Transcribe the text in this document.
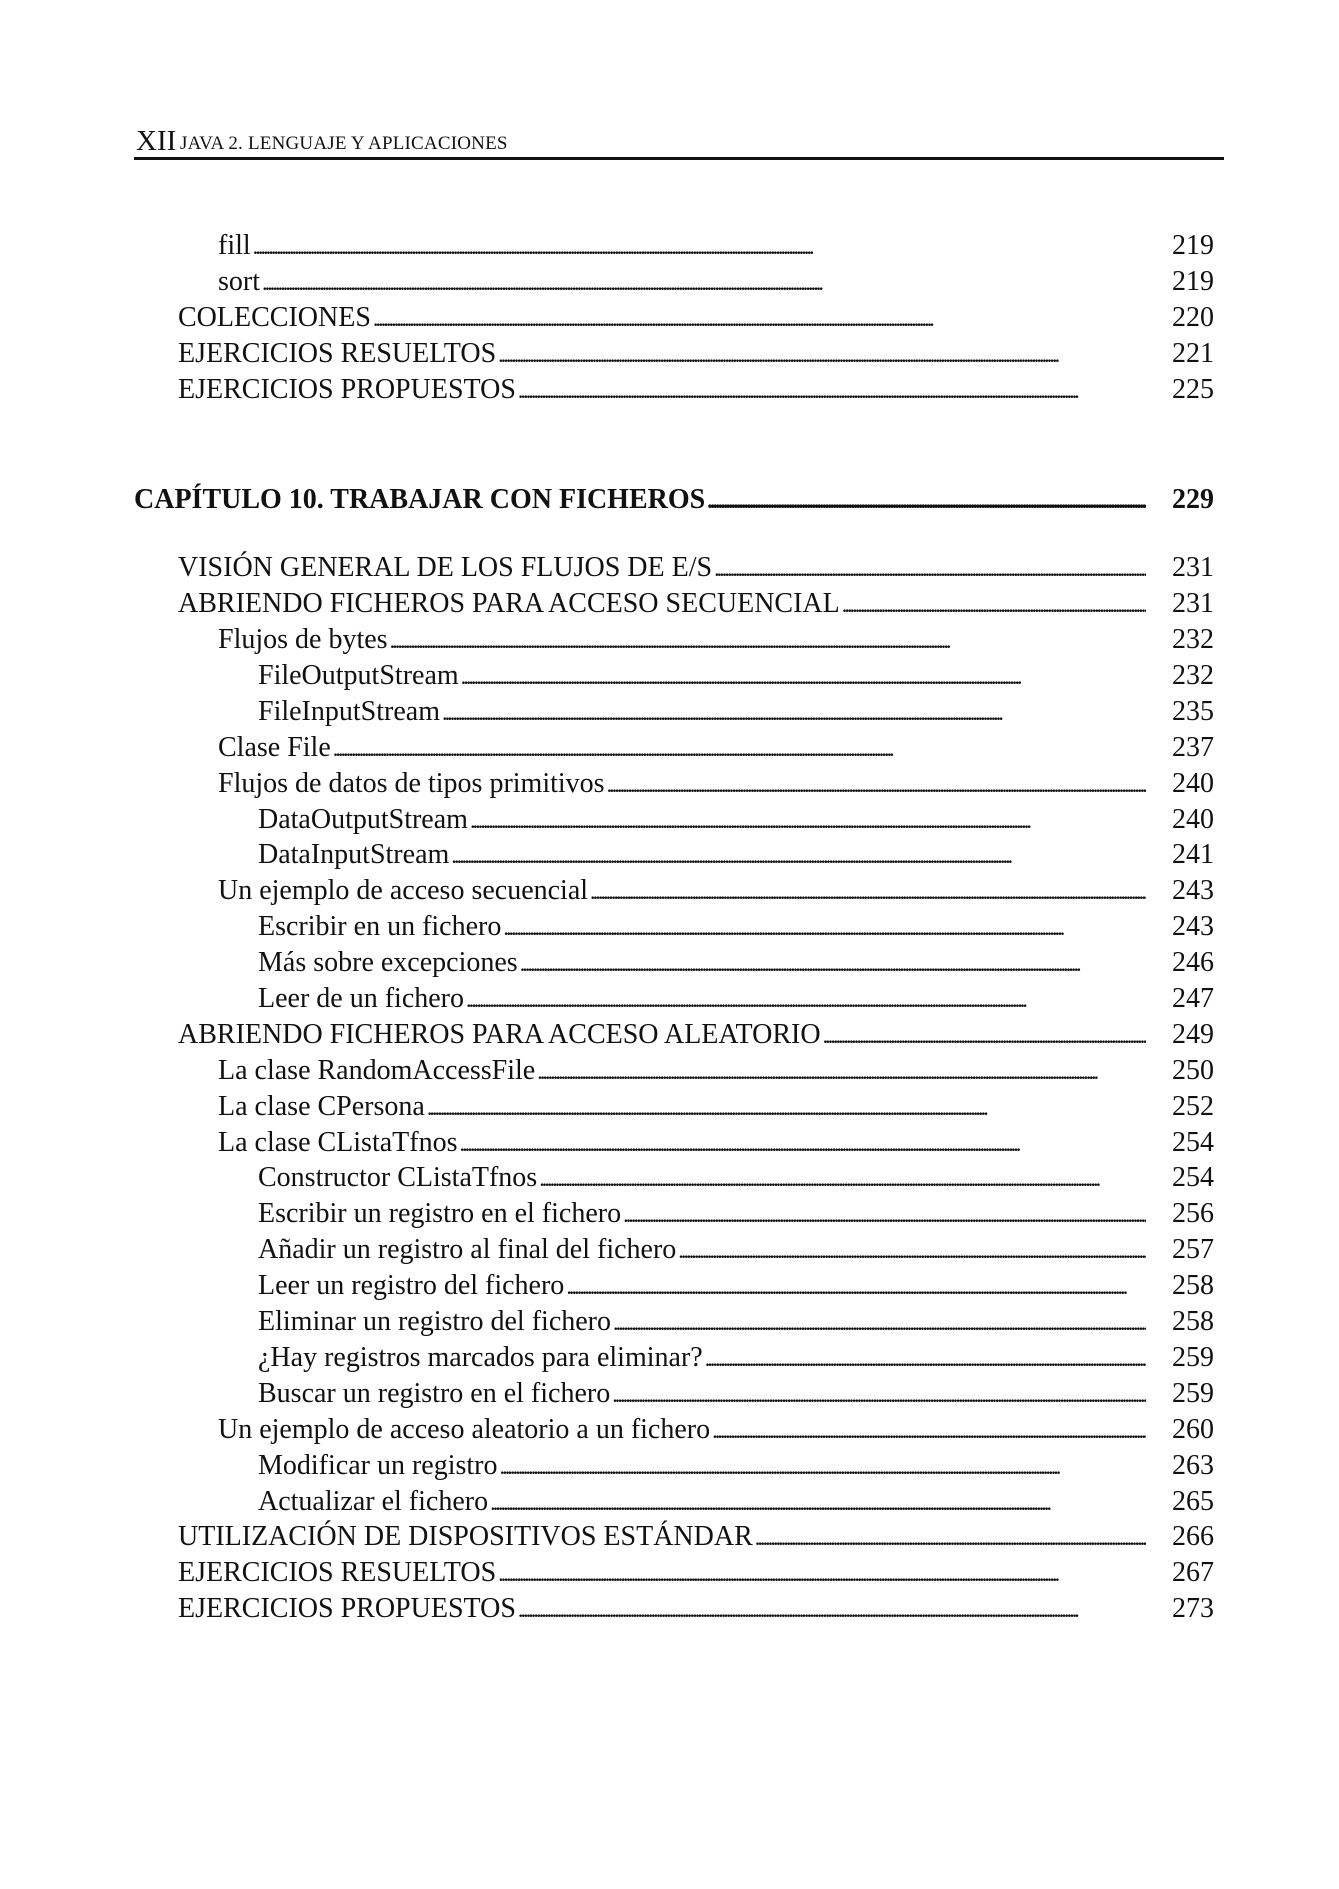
XII JAVA 2. LENGUAJE Y APLICACIONES
fill . . .	219
sort . . .	219
COLECCIONES . . .	220
EJERCICIOS RESUELTOS . . .	221
EJERCICIOS PROPUESTOS . . .	225
CAPÍTULO 10. TRABAJAR CON FICHEROS . . .	229
VISIÓN GENERAL DE LOS FLUJOS DE E/S . . .	231
ABRIENDO FICHEROS PARA ACCESO SECUENCIAL . . .	231
Flujos de bytes . . .	232
FileOutputStream . . .	232
FileInputStream . . .	235
Clase File . . .	237
Flujos de datos de tipos primitivos . . .	240
DataOutputStream . . .	240
DataInputStream . . .	241
Un ejemplo de acceso secuencial . . .	243
Escribir en un fichero . . .	243
Más sobre excepciones . . .	246
Leer de un fichero . . .	247
ABRIENDO FICHEROS PARA ACCESO ALEATORIO . . .	249
La clase RandomAccessFile . . .	250
La clase CPersona . . .	252
La clase CListaTfnos . . .	254
Constructor CListaTfnos . . .	254
Escribir un registro en el fichero . . .	256
Añadir un registro al final del fichero . . .	257
Leer un registro del fichero . . .	258
Eliminar un registro del fichero . . .	258
¿Hay registros marcados para eliminar? . . .	259
Buscar un registro en el fichero . . .	259
Un ejemplo de acceso aleatorio a un fichero . . .	260
Modificar un registro . . .	263
Actualizar el fichero . . .	265
UTILIZACIÓN DE DISPOSITIVOS ESTÁNDAR . . .	266
EJERCICIOS RESUELTOS . . .	267
EJERCICIOS PROPUESTOS . . .	273
